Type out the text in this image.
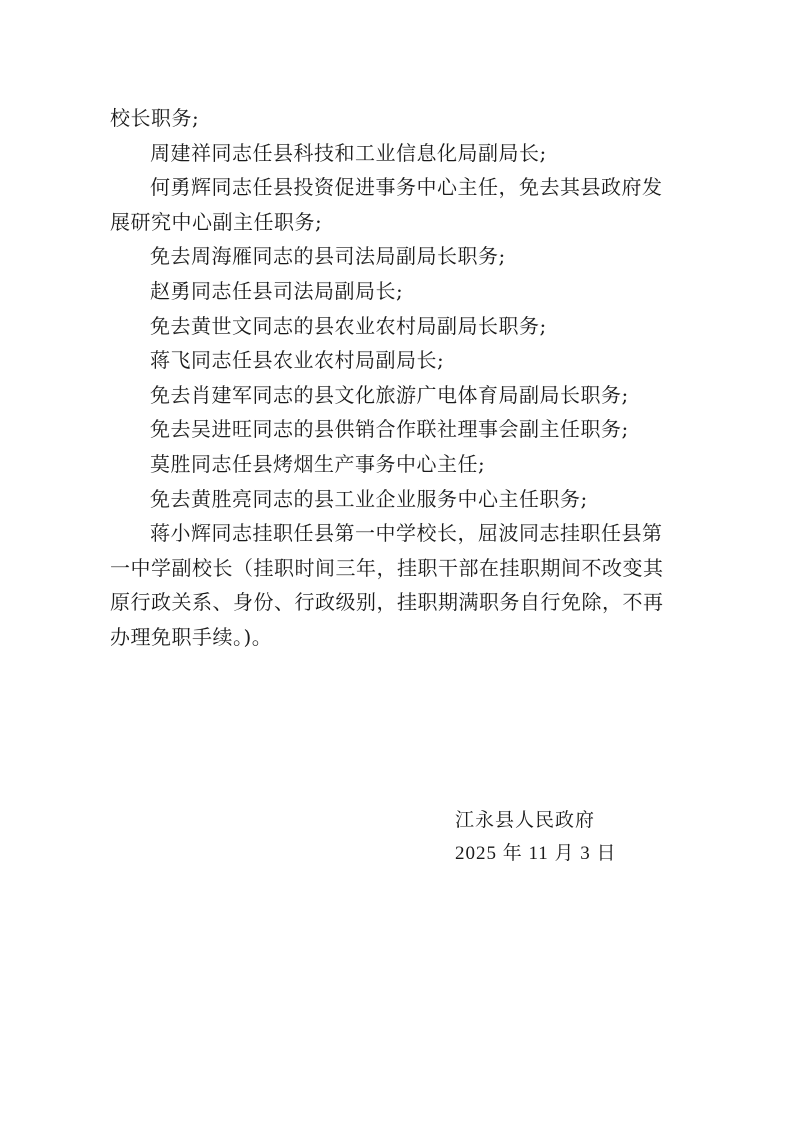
校长职务;

周建祥同志任县科技和工业信息化局副局长;

何勇辉同志任县投资促进事务中心主任，免去其县政府发展研究中心副主任职务;

免去周海雁同志的县司法局副局长职务;

赵勇同志任县司法局副局长;

免去黄世文同志的县农业农村局副局长职务;

蒋飞同志任县农业农村局副局长;

免去肖建军同志的县文化旅游广电体育局副局长职务;

免去吴进旺同志的县供销合作联社理事会副主任职务;

莫胜同志任县烤烟生产事务中心主任;

免去黄胜亮同志的县工业企业服务中心主任职务;

蒋小辉同志挂职任县第一中学校长，屈波同志挂职任县第一中学副校长（挂职时间三年，挂职干部在挂职期间不改变其原行政关系、身份、行政级别，挂职期满职务自行免除，不再办理免职手续。)。

江永县人民政府
2025 年 11 月 3 日
